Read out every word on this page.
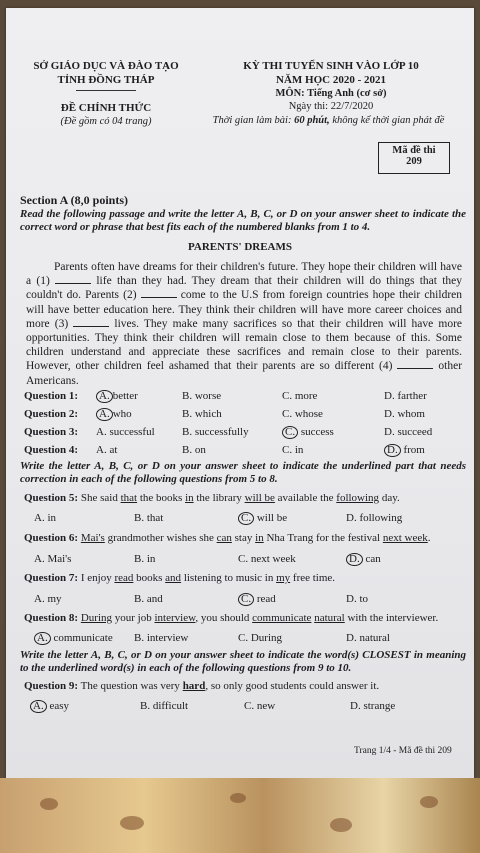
SỞ GIÁO DỤC VÀ ĐÀO TẠO
TỈNH ĐỒNG THÁP
ĐỀ CHÍNH THỨC
(Đề gồm có 04 trang)
KỲ THI TUYỂN SINH VÀO LỚP 10
NĂM HỌC 2020 - 2021
MÔN: Tiếng Anh (cơ sở)
Ngày thi: 22/7/2020
Thời gian làm bài: 60 phút, không kể thời gian phát đề
Mã đề thi
209
Section A (8,0 points)
Read the following passage and write the letter A, B, C, or D on your answer sheet to indicate the correct word or phrase that best fits each of the numbered blanks from 1 to 4.
PARENTS' DREAMS
Parents often have dreams for their children's future. They hope their children will have a (1)	life than they had. They dream that their children will do things that they couldn't do. Parents (2)	come to the U.S from foreign countries hope their children will have better education here. They think their children will have more career choices and more (3)	lives. They make many sacrifices so that their children will have more opportunities. They think their children will remain close to them because of this. Some children understand and appreciate these sacrifices and remain close to their parents. However, other children feel ashamed that their parents are so different (4)	other Americans.
Question 1: A. better	B. worse	C. more	D. farther
Question 2: A. who	B. which	C. whose	D. whom
Question 3: A. successful B. successfully	C. success	D. succeed
Question 4: A. at	B. on	C. in	D. from
Write the letter A, B, C, or D on your answer sheet to indicate the underlined part that needs correction in each of the following questions from 5 to 8.
Question 5: She said that the books in the library will be available the following day.
A. in	B. that	C. will be	D. following
Question 6: Mai's grandmother wishes she can stay in Nha Trang for the festival next week.
A. Mai's	B. in	C. next week	D. can
Question 7: I enjoy read books and listening to music in my free time.
A. my	B. and	C. read	D. to
Question 8: During your job interview, you should communicate natural with the interviewer.
A. communicate B. interview	C. During	D. natural
Write the letter A, B, C, or D on your answer sheet to indicate the word(s) CLOSEST in meaning to the underlined word(s) in each of the following questions from 9 to 10.
Question 9: The question was very hard, so only good students could answer it.
A. easy	B. difficult	C. new	D. strange
Trang 1/4 - Mã đề thi 209
